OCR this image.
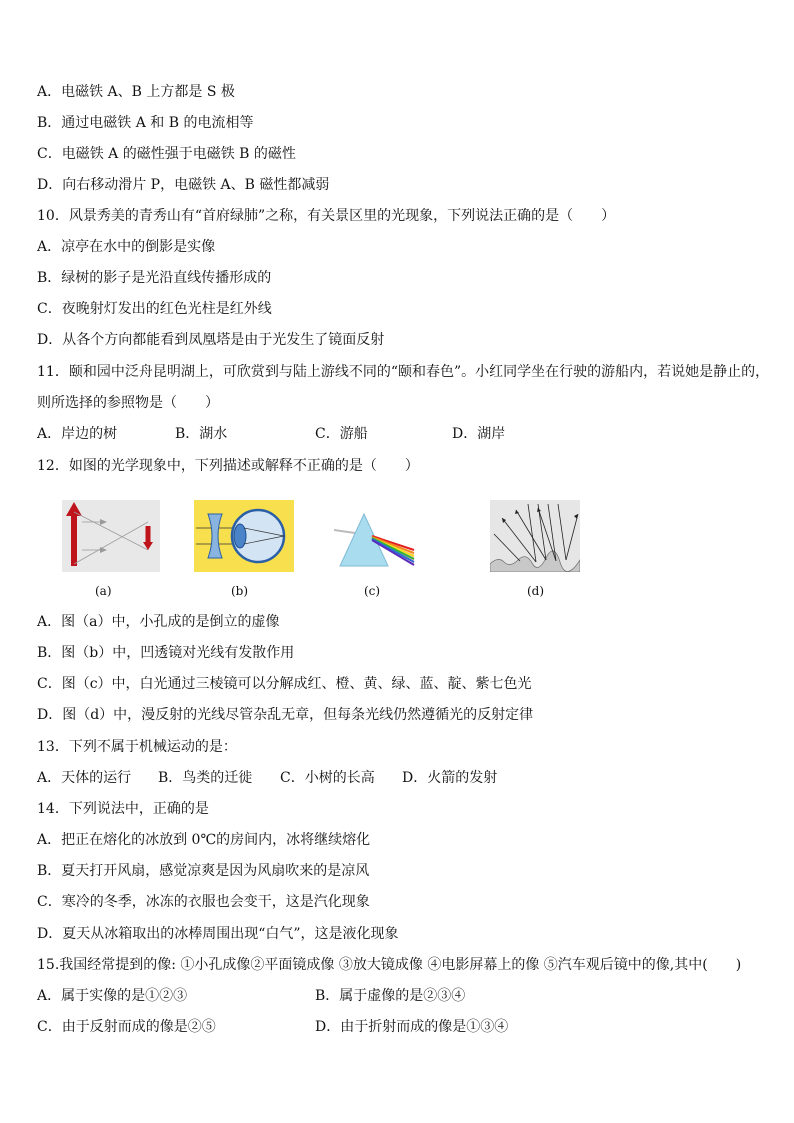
A．电磁铁 A、B 上方都是 S 极
B．通过电磁铁 A 和 B 的电流相等
C．电磁铁 A 的磁性强于电磁铁 B 的磁性
D．向右移动滑片 P，电磁铁 A、B 磁性都减弱
10．风景秀美的青秀山有“首府绿肺”之称，有关景区里的光现象，下列说法正确的是（　　）
A．凉亭在水中的倒影是实像
B．绿树的影子是光沿直线传播形成的
C．夜晚射灯发出的红色光柱是红外线
D．从各个方向都能看到凤凰塔是由于光发生了镜面反射
11．颐和园中泛舟昆明湖上，可欣赏到与陆上游线不同的“颐和春色”。小红同学坐在行驶的游船内，若说她是静止的，
则所选择的参照物是（　　）
A．岸边的树	B．湖水	C．游船	D．湖岸
12．如图的光学现象中，下列描述或解释不正确的是（　　）
(a)	(b)	(c)	(d)
A．图（a）中，小孔成的是倒立的虚像
B．图（b）中，凹透镜对光线有发散作用
C．图（c）中，白光通过三棱镜可以分解成红、橙、黄、绿、蓝、靛、紫七色光
D．图（d）中，漫反射的光线尽管杂乱无章，但每条光线仍然遵循光的反射定律
13．下列不属于机械运动的是：
A．天体的运行 B．鸟类的迁徙 C．小树的长高 D．火箭的发射
14．下列说法中，正确的是
A．把正在熔化的冰放到 0℃的房间内，冰将继续熔化
B．夏天打开风扇，感觉凉爽是因为风扇吹来的是凉风
C．寒冷的冬季，冰冻的衣服也会变干，这是汽化现象
D．夏天从冰箱取出的冰棒周围出现“白气”，这是液化现象
15.我国经常提到的像: ①小孔成像②平面镜成像 ③放大镜成像 ④电影屏幕上的像 ⑤汽车观后镜中的像,其中(　　)
A．属于实像的是①②③	B．属于虚像的是②③④
C．由于反射而成的像是②⑤	D．由于折射而成的像是①③④
